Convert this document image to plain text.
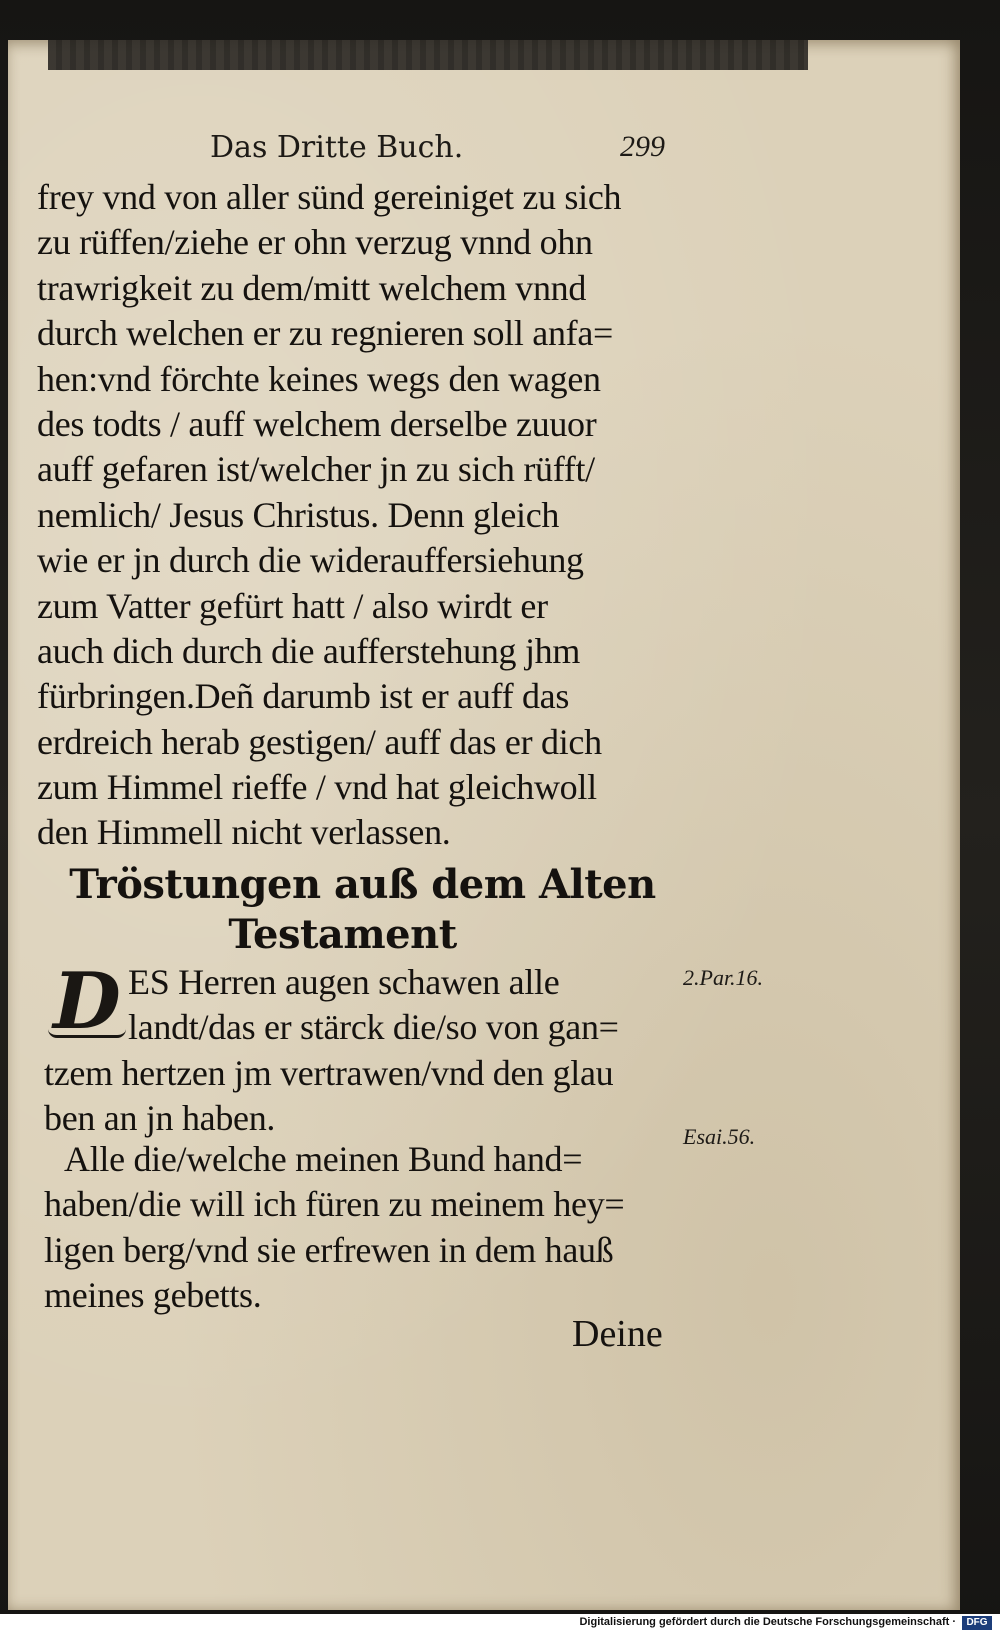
Das Dritte Buch.	299
frey vnd von aller sünd gereiniget zu sich
zu rüffen/ziehe er ohn verzug vnnd ohn
trawrigkeit zu dem/mitt welchem vnnd
durch welchen er zu regnieren soll anfa=
hen:vnd förchte keines wegs den wagen
des todts / auff welchem derselbe zuuor
auff gefaren ist/welcher jn zu sich rüfft/
nemlich/ Jesus Christus. Denn gleich
wie er jn durch die widerauffersiehung
zum Vatter gefürt hatt / also wirdt er
auch dich durch die aufferstehung jhm
fürbringen.Deñ darumb ist er auff das
erdreich herab gestigen/ auff das er dich
zum Himmel rieffe / vnd hat gleichwoll
den Himmell nicht verlassen.
Tröstungen auß dem Alten
Testament
D ES Herren augen schawen alle
landt/das er stärck die/so von gan=
tzem hertzen jm vertrawen/vnd den glau
ben an jn haben.
Alle die/welche meinen Bund hand=
haben/die will ich füren zu meinem hey=
ligen berg/vnd sie erfrewen in dem hauß
meines gebetts.
Deine
2.Par.16.
Esai.56.
Digitalisierung gefördert durch die Deutsche Forschungsgemeinschaft ·	DFG
